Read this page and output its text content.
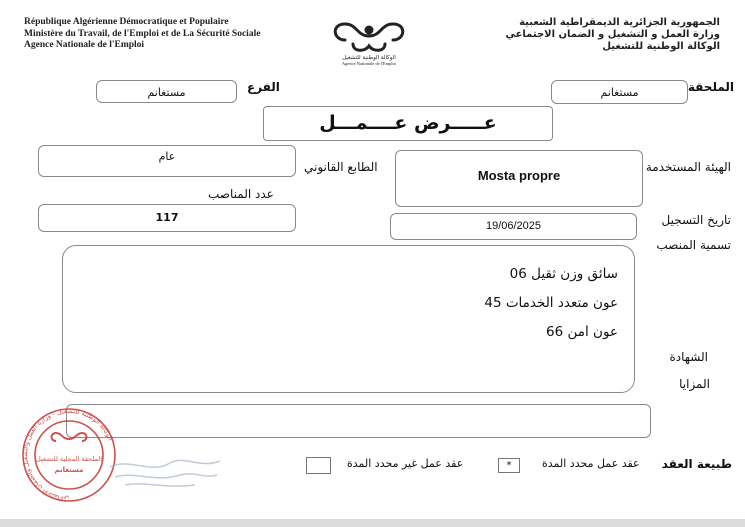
République Algérienne Démocratique et Populaire
Ministère du Travail, de l'Emploi et de La Sécurité Sociale
Agence Nationale de l'Emploi
الوكالة الوطنية للتشغيل
Agence Nationale de l'Emploi
الجمهورية الجزائرية الديمقراطية الشعبية
وزارة العمل و التشغيل و الضمان الاجتماعي
الوكالة الوطنية للتشغيل
الملحقة
مستغانم
الفرع
مستغانم
عـــــرض عــــمـــل
الهيئة المستخدمة
Mosta propre
الطابع القانوني
عام
عدد المناصب
117	تاريخ التسجيل
19/06/2025
تسمية المنصب
سائق وزن ثقيل 06
عون متعدد الخدمات 45
عون امن 66
الشهادة
المزايا
طبيعة العقد
عقد عمل محدد المدة
*
عقد عمل غير محدد المدة
الوكالة الوطنية للتشغيل - وزارة العمل والتشغيل والضمان الاجتماعي
الملحقة المحلية للتشغيل
مستغانم
